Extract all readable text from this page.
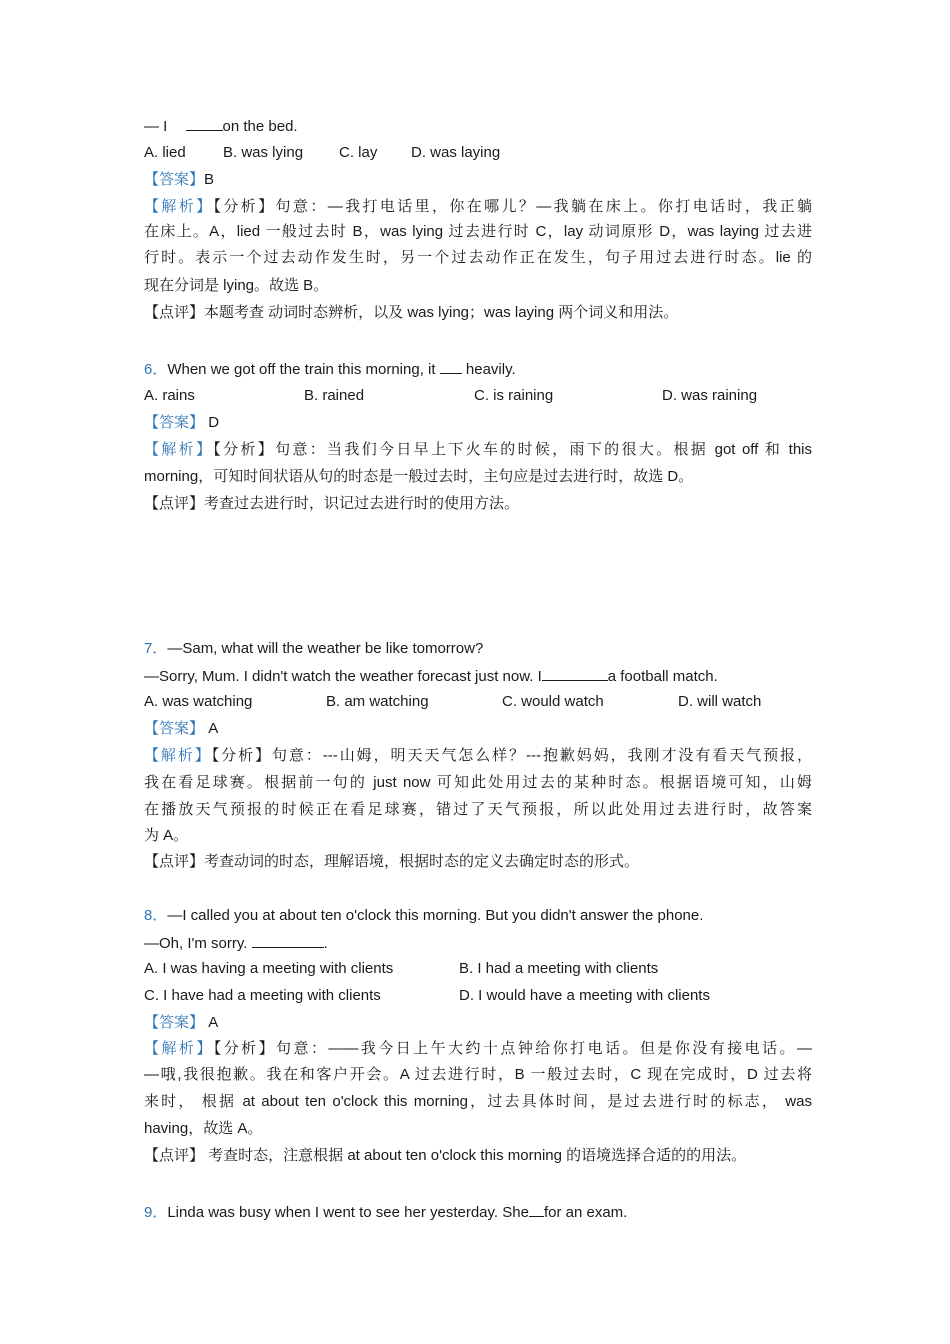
— I	on the bed.
A. lied B. was lying C. lay D. was laying
【答案】B
【解析】【分析】句意：—我打电话里，你在哪儿？—我躺在床上。你打电话时，我正躺
在床上。A，lied 一般过去时 B，was lying 过去进行时 C，lay 动词原形 D，was laying 过去进
行时。表示一个过去动作发生时，另一个过去动作正在发生，句子用过去进行时态。lie 的
现在分词是 lying。故选 B。
【点评】本题考查 动词时态辨析，以及 was lying；was laying 两个词义和用法。
6．When we got off the train this morning, it heavily.
A. rains	B. rained	C. is raining	D. was raining
【答案】 D
【解析】【分析】句意：当我们今日早上下火车的时候，雨下的很大。根据 got off 和 this
morning，可知时间状语从句的时态是一般过去时，主句应是过去进行时，故选 D。
【点评】考查过去进行时，识记过去进行时的使用方法。
7．—Sam, what will the weather be like tomorrow?
—Sorry, Mum. I didn't watch the weather forecast just now. I	a football match.
A. was watching	B. am watching	C. would watch	D. will watch
【答案】 A
【解析】【分析】句意：---山姆，明天天气怎么样？---抱歉妈妈，我刚才没有看天气预报，
我在看足球赛。根据前一句的 just now 可知此处用过去的某种时态。根据语境可知，山姆
在播放天气预报的时候正在看足球赛，错过了天气预报，所以此处用过去进行时，故答案
为 A。
【点评】考查动词的时态，理解语境，根据时态的定义去确定时态的形式。
8．—I called you at about ten o'clock this morning. But you didn't answer the phone.
—Oh, I'm sorry.	.
A. I was having a meeting with clients	B. I had a meeting with clients
C. I have had a meeting with clients	D. I would have a meeting with clients
【答案】 A
【解析】【分析】句意：——我今日上午大约十点钟给你打电话。但是你没有接电话。—
—哦,我很抱歉。我在和客户开会。A 过去进行时，B 一般过去时，C 现在完成时，D 过去将
来时， 根据 at about ten o'clock this morning，过去具体时间，是过去进行时的标志， was
having，故选 A。
【点评】 考查时态，注意根据 at about ten o'clock this morning 的语境选择合适的的用法。
9．Linda was busy when I went to see her yesterday. She for an exam.
